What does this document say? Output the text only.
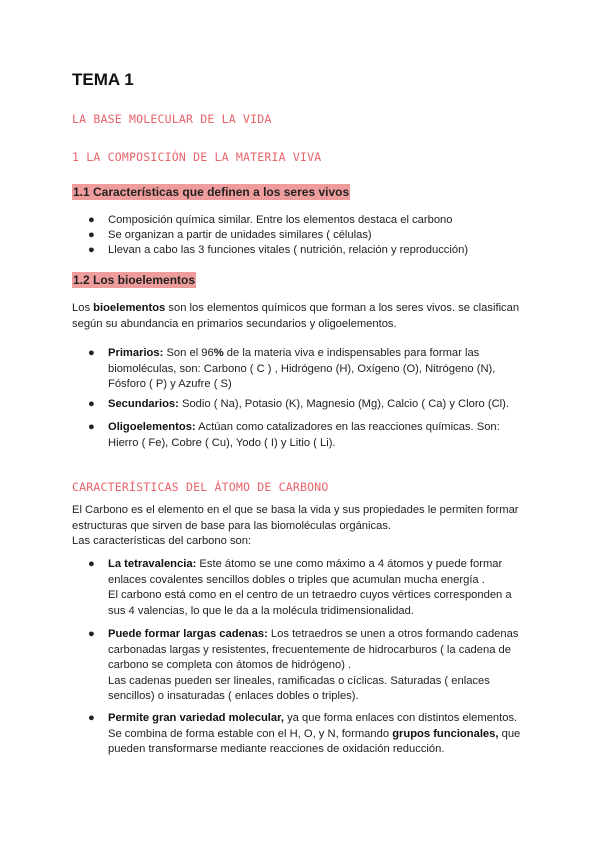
TEMA 1
LA BASE MOLECULAR DE LA VIDA
1 LA COMPOSICIÓN DE LA MATERIA VIVA
1.1 Características que definen a los seres vivos
● Composición química similar. Entre los elementos destaca el carbono
● Se organizan a partir de unidades similares ( células)
● Llevan a cabo las 3 funciones vitales ( nutrición, relación y reproducción)
1.2 Los bioelementos
Los bioelementos son los elementos químicos que forman a los seres vivos. se clasifican según su abundancia en primarios secundarios y oligoelementos.
● Primarios: Son el 96% de la materia viva e indispensables para formar las biomoléculas, son: Carbono ( C ) , Hidrógeno (H), Oxígeno (O), Nitrógeno (N), Fósforo ( P) y Azufre ( S)
● Secundarios: Sodio ( Na), Potasio (K), Magnesio (Mg), Calcio ( Ca) y Cloro (Cl).
● Oligoelementos: Actúan como catalizadores en las reacciones químicas. Son: Hierro ( Fe), Cobre ( Cu), Yodo ( I) y Litio ( Li).
CARACTERÍSTICAS DEL ÁTOMO DE CARBONO
El Carbono es el elemento en el que se basa la vida y sus propiedades le permiten formar estructuras que sirven de base para las biomoléculas orgánicas.
Las características del carbono son:
● La tetravalencia: Este átomo se une como máximo a 4 átomos y puede formar enlaces covalentes sencillos dobles o triples que acumulan mucha energía .
El carbono está como en el centro de un tetraedro cuyos vértices corresponden a sus 4 valencias, lo que le da a la molécula tridimensionalidad.
● Puede formar largas cadenas: Los tetraedros se unen a otros formando cadenas carbonadas largas y resistentes, frecuentemente de hidrocarburos ( la cadena de carbono se completa con átomos de hidrógeno) .
Las cadenas pueden ser lineales, ramificadas o cíclicas. Saturadas ( enlaces sencillos) o insaturadas ( enlaces dobles o triples).
● Permite gran variedad molecular, ya que forma enlaces con distintos elementos. Se combina de forma estable con el H, O, y N, formando grupos funcionales, que pueden transformarse mediante reacciones de oxidación reducción.
